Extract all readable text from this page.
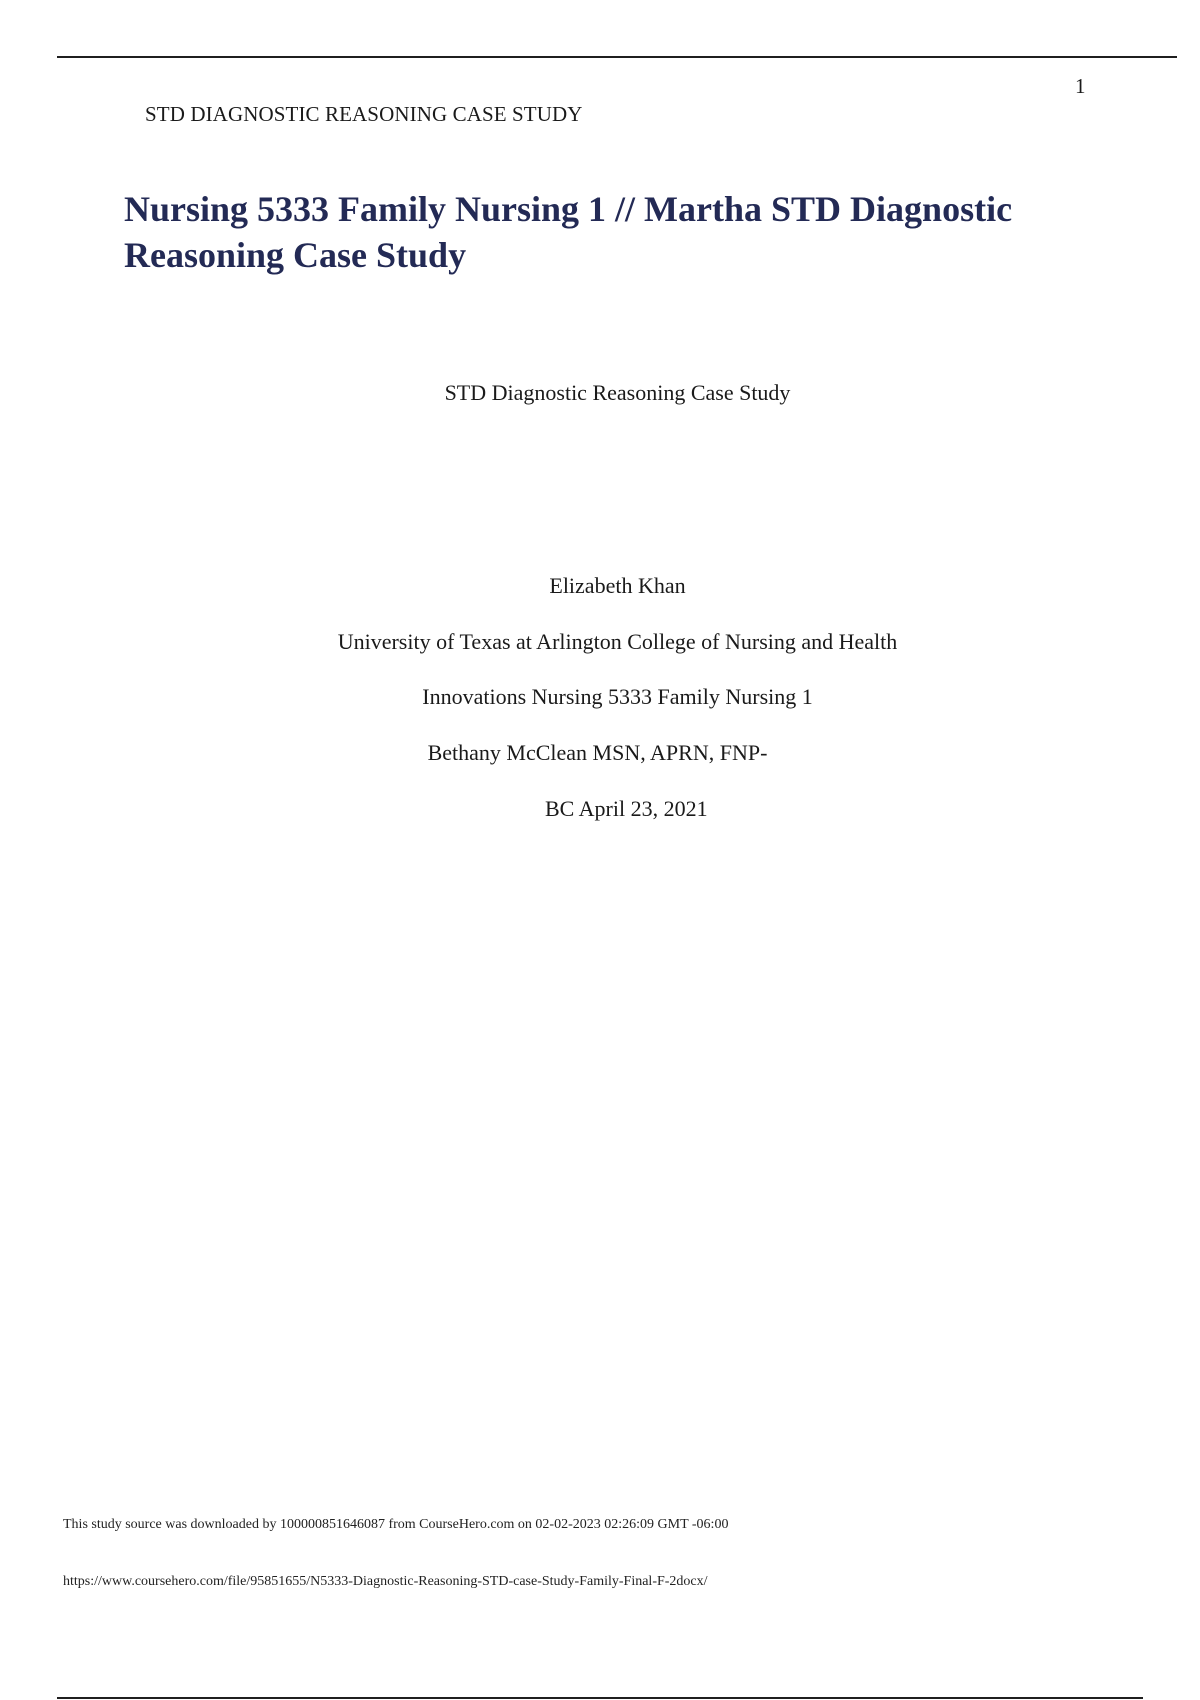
1
STD DIAGNOSTIC REASONING CASE STUDY
Nursing 5333 Family Nursing 1 // Martha STD Diagnostic Reasoning Case Study
STD Diagnostic Reasoning Case Study
Elizabeth Khan
University of Texas at Arlington College of Nursing and Health
Innovations Nursing 5333 Family Nursing 1
Bethany McClean MSN, APRN, FNP-
BC April 23, 2021
This study source was downloaded by 100000851646087 from CourseHero.com on 02-02-2023 02:26:09 GMT -06:00
https://www.coursehero.com/file/95851655/N5333-Diagnostic-Reasoning-STD-case-Study-Family-Final-F-2docx/
